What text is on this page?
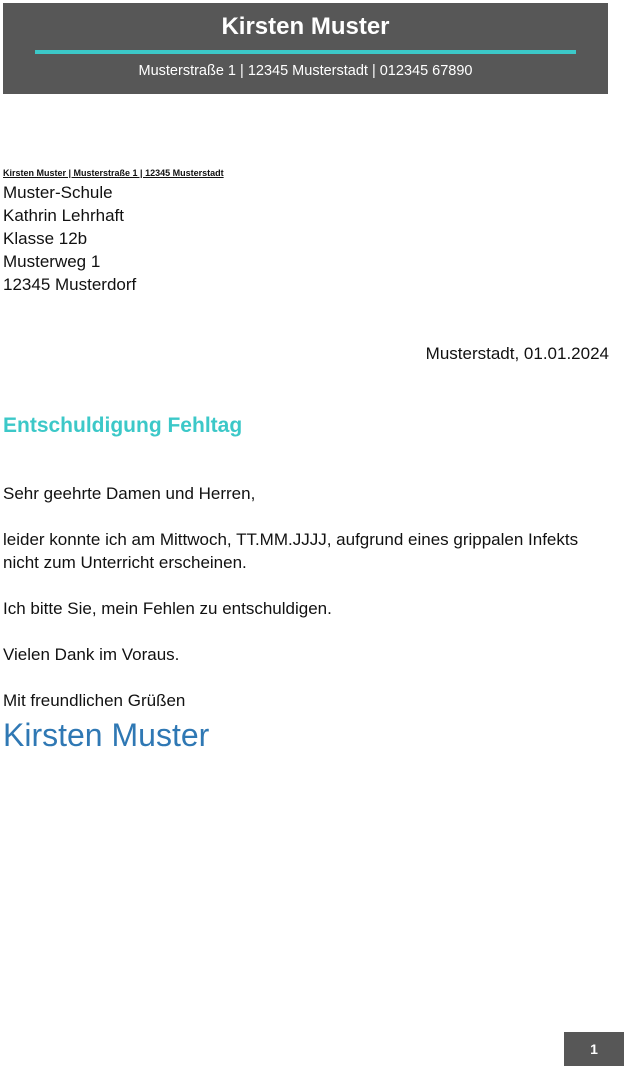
Kirsten Muster
Musterstraße 1 | 12345 Musterstadt | 012345 67890
Kirsten Muster | Musterstraße 1 | 12345 Musterstadt
Muster-Schule
Kathrin Lehrhaft
Klasse 12b
Musterweg 1
12345 Musterdorf
Musterstadt, 01.01.2024
Entschuldigung Fehltag

Sehr geehrte Damen und Herren,

leider konnte ich am Mittwoch, TT.MM.JJJJ, aufgrund eines grippalen Infekts nicht zum Unterricht erscheinen.

Ich bitte Sie, mein Fehlen zu entschuldigen.

Vielen Dank im Voraus.

Mit freundlichen Grüßen

Kirsten Muster
1
